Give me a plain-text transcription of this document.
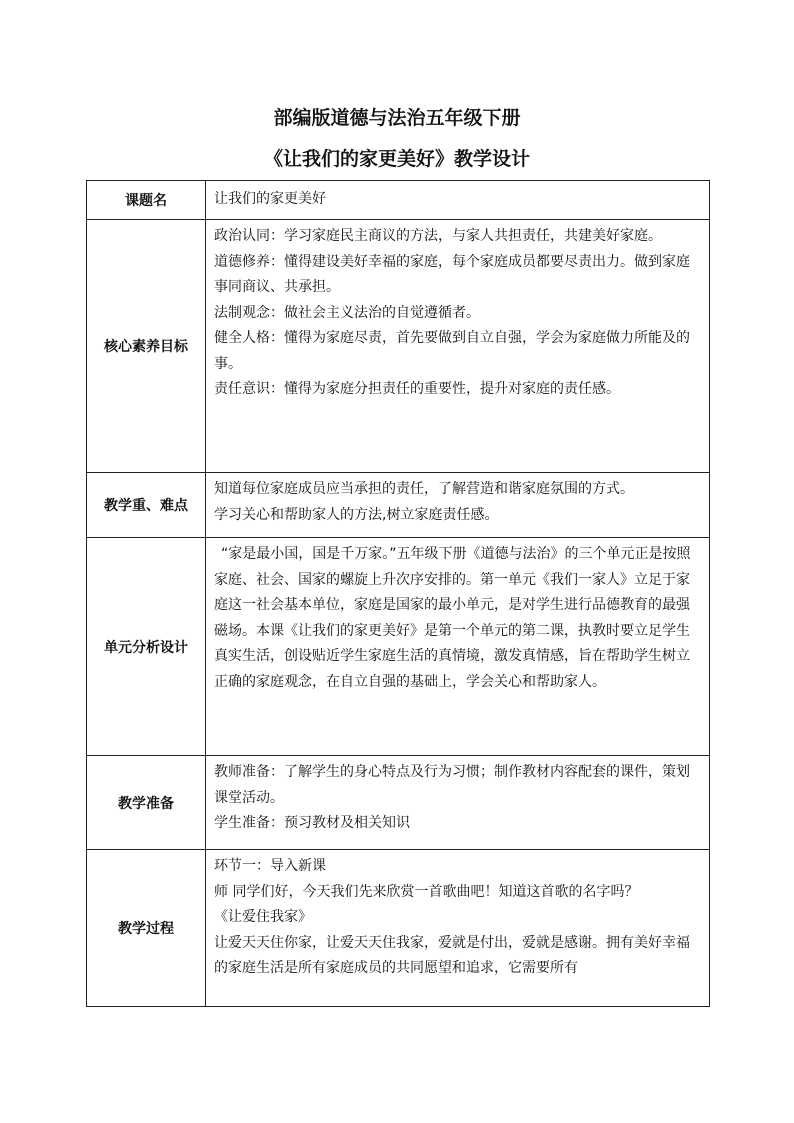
部编版道德与法治五年级下册
《让我们的家更美好》教学设计
课题名	让我们的家更美好

核心素养目标	政治认同：学习家庭民主商议的方法，与家人共担责任，共建美好家庭。

道德修养：懂得建设美好幸福的家庭，每个家庭成员都要尽责出力。做到家庭事同商议、共承担。

法制观念：做社会主义法治的自觉遵循者。

健全人格：懂得为家庭尽责，首先要做到自立自强，学会为家庭做力所能及的事。

责任意识：懂得为家庭分担责任的重要性，提升对家庭的责任感。

教学重、难点	知道每位家庭成员应当承担的责任，了解营造和谐家庭氛围的方式。

学习关心和帮助家人的方法,树立家庭责任感。

单元分析设计	“家是最小国，国是千万家。”五年级下册《道德与法治》的三个单元正是按照家庭、社会、国家的螺旋上升次序安排的。第一单元《我们一家人》立足于家庭这一社会基本单位，家庭是国家的最小单元，是对学生进行品德教育的最强磁场。本课《让我们的家更美好》是第一个单元的第二课，执教时要立足学生真实生活，创设贴近学生家庭生活的真情境，激发真情感，旨在帮助学生树立正确的家庭观念，在自立自强的基础上，学会关心和帮助家人。

教学准备	教师准备：了解学生的身心特点及行为习惯；制作教材内容配套的课件，策划课堂活动。

学生准备：预习教材及相关知识

教学过程	环节一：导入新课

师 同学们好，今天我们先来欣赏一首歌曲吧！知道这首歌的名字吗？

《让爱住我家》

让爱天天住你家，让爱天天住我家，爱就是付出，爱就是感谢。拥有美好幸福的家庭生活是所有家庭成员的共同愿望和追求，它需要所有
